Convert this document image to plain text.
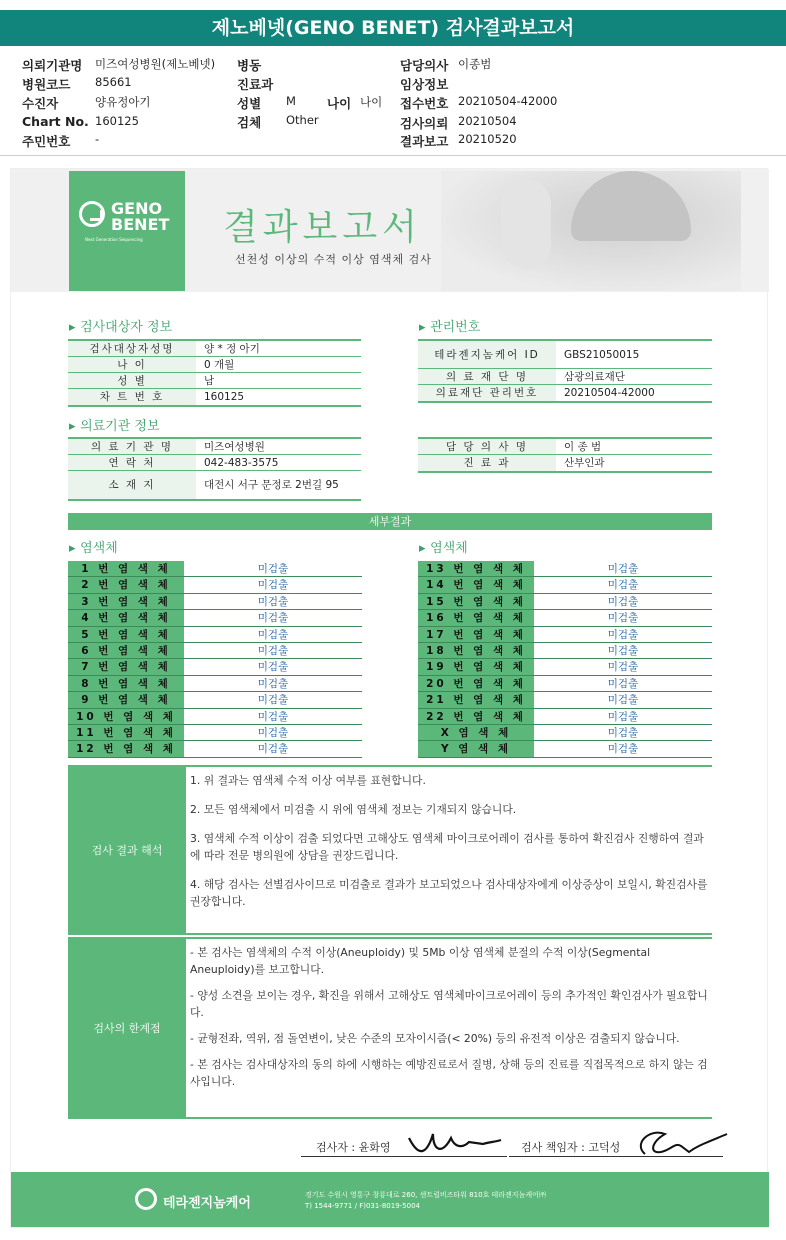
제노베넷(GENO BENET) 검사결과보고서
의뢰기관명 미즈여성병원(제노베넷) 병동	담당의사 이종범
병원코드 85661	진료과	임상정보
수진자	양유정아기	성별 M 나이 나이 접수번호 20210504-42000
Chart No. 160125	검체 Other	검사의뢰 20210504
주민번호 -	결과보고 20210520
GENO
BENET
Next Generation Sequencing 결과보고서
선천성 이상의 수적 이상 염색체 검사
▸ 검사대상자 정보
검사대상자성명	양 * 정 아기
나 이	0 개월
성 별	남
차 트 번 호	160125
▸ 관리번호
테라젠지놈케어 ID	GBS21050015
의 료 재 단 명	삼광의료재단
의료재단 관리번호	20210504-42000
▸ 의료기관 정보
의 료 기 관 명	미즈여성병원
연 락 처	042-483-3575
소 재 지	대전시 서구 문정로 2번길 95
담 당 의 사 명	이 종 범
진 료 과	산부인과
세부결과
▸ 염색체
▸	염색체
1 번 염 색 체	미검출
2 번 염 색 체	미검출
3 번 염 색 체	미검출
4 번 염 색 체	미검출
5 번 염 색 체	미검출
6 번 염 색 체	미검출
7 번 염 색 체	미검출
8 번 염 색 체	미검출
9 번 염 색 체	미검출
10 번 염 색 체	미검출
11 번 염 색 체	미검출
12 번 염 색 체	미검출
13 번 염 색 체	미검출
14 번 염 색 체	미검출
15 번 염 색 체	미검출
16 번 염 색 체	미검출
17 번 염 색 체	미검출
18 번 염 색 체	미검출
19 번 염 색 체	미검출
20 번 염 색 체	미검출
21 번 염 색 체	미검출
22 번 염 색 체	미검출
X 염 색 체	미검출
Y 염 색 체	미검출
검사 결과 해석

1. 위 결과는 염색체 수적 이상 여부를 표현합니다.

2. 모든 염색체에서 미검출 시 위에 염색체 정보는 기재되지 않습니다.

3. 염색체 수적 이상이 검출 되었다면 고해상도 염색체 마이크로어레이 검사를 통하여 확진검사 진행하여 결과에 따라 전문 병의원에 상담을 권장드립니다.

4. 해당 검사는 선별검사이므로 미검출로 결과가 보고되었으나 검사대상자에게 이상증상이 보일시, 확진검사를 권장합니다.

검사의 한계점

- 본 검사는 염색체의 수적 이상(Aneuploidy) 및 5Mb 이상 염색체 분절의 수적 이상(Segmental Aneuploidy)를 보고합니다.

- 양성 소견을 보이는 경우, 확진을 위해서 고해상도 염색체마이크로어레이 등의 추가적인 확인검사가 필요합니다.

- 균형전좌, 역위, 점 돌연변이, 낮은 수준의 모자이시즘(< 20%) 등의 유전적 이상은 검출되지 않습니다.

- 본 검사는 검사대상자의 동의 하에 시행하는 예방진료로서 질병, 상해 등의 진료를 직접목적으로 하지 않는 검사입니다.

검사자 : 윤화영	검사 책임자 : 고덕성
테라젠지놈케어
경기도 수원시 영통구 창룡대로 260, 센트럴비즈타워 810호 테라젠지놈케어㈜
T) 1544-9771 / F)031-8019-5004
